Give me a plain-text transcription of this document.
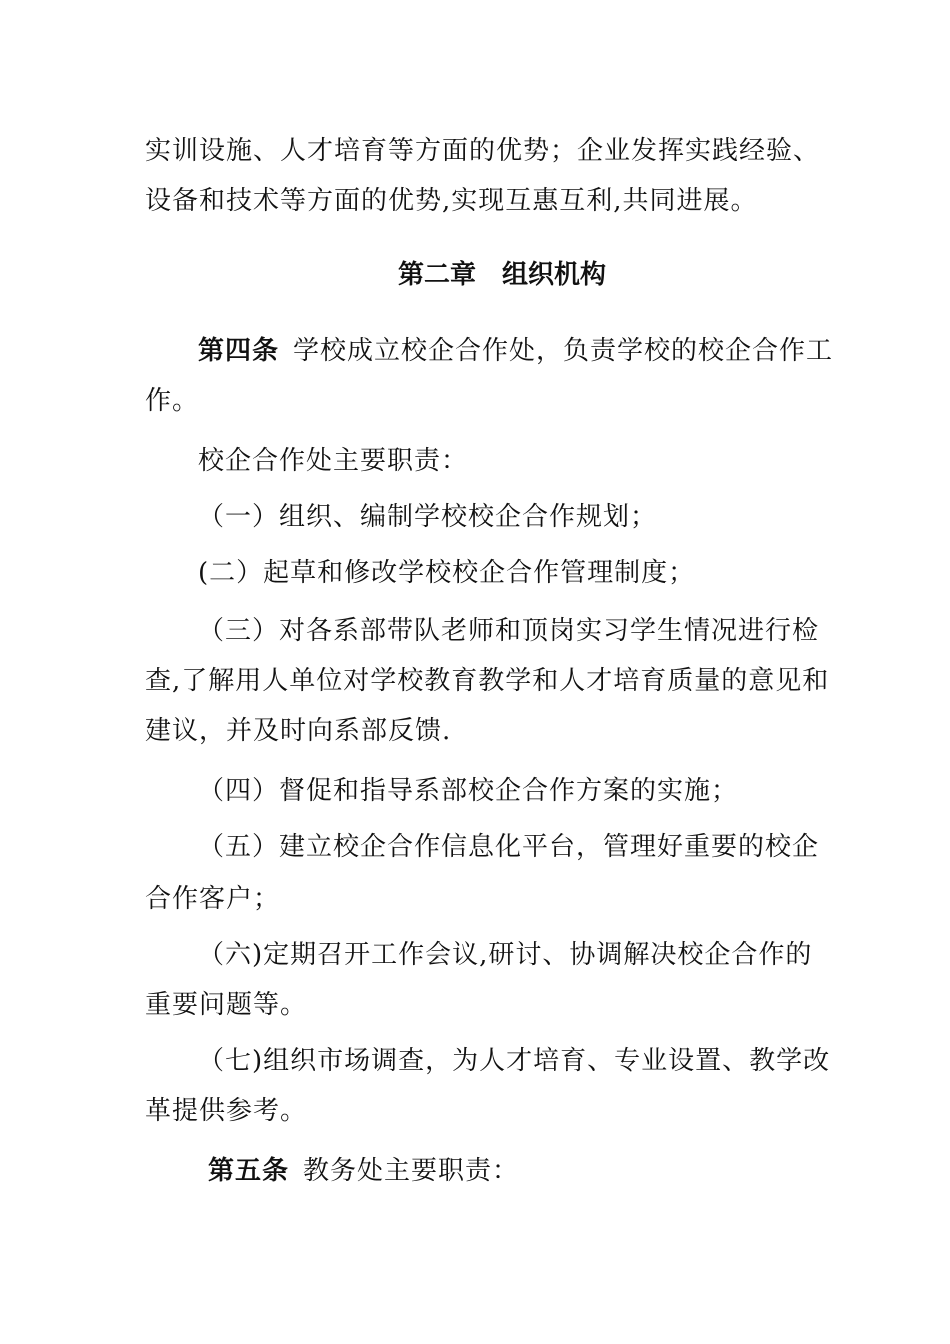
实训设施、人才培育等方面的优势；企业发挥实践经验、
设备和技术等方面的优势,实现互惠互利,共同进展。
第二章　组织机构
第四条 学校成立校企合作处，负责学校的校企合作工
作。
校企合作处主要职责：
（一）组织、编制学校校企合作规划；
(二）起草和修改学校校企合作管理制度；
（三）对各系部带队老师和顶岗实习学生情况进行检
查,了解用人单位对学校教育教学和人才培育质量的意见和
建议，并及时向系部反馈.
（四）督促和指导系部校企合作方案的实施；
（五）建立校企合作信息化平台，管理好重要的校企
合作客户；
（六)定期召开工作会议,研讨、协调解决校企合作的
重要问题等。
（七)组织市场调查，为人才培育、专业设置、教学改
革提供参考。
第五条 教务处主要职责：
